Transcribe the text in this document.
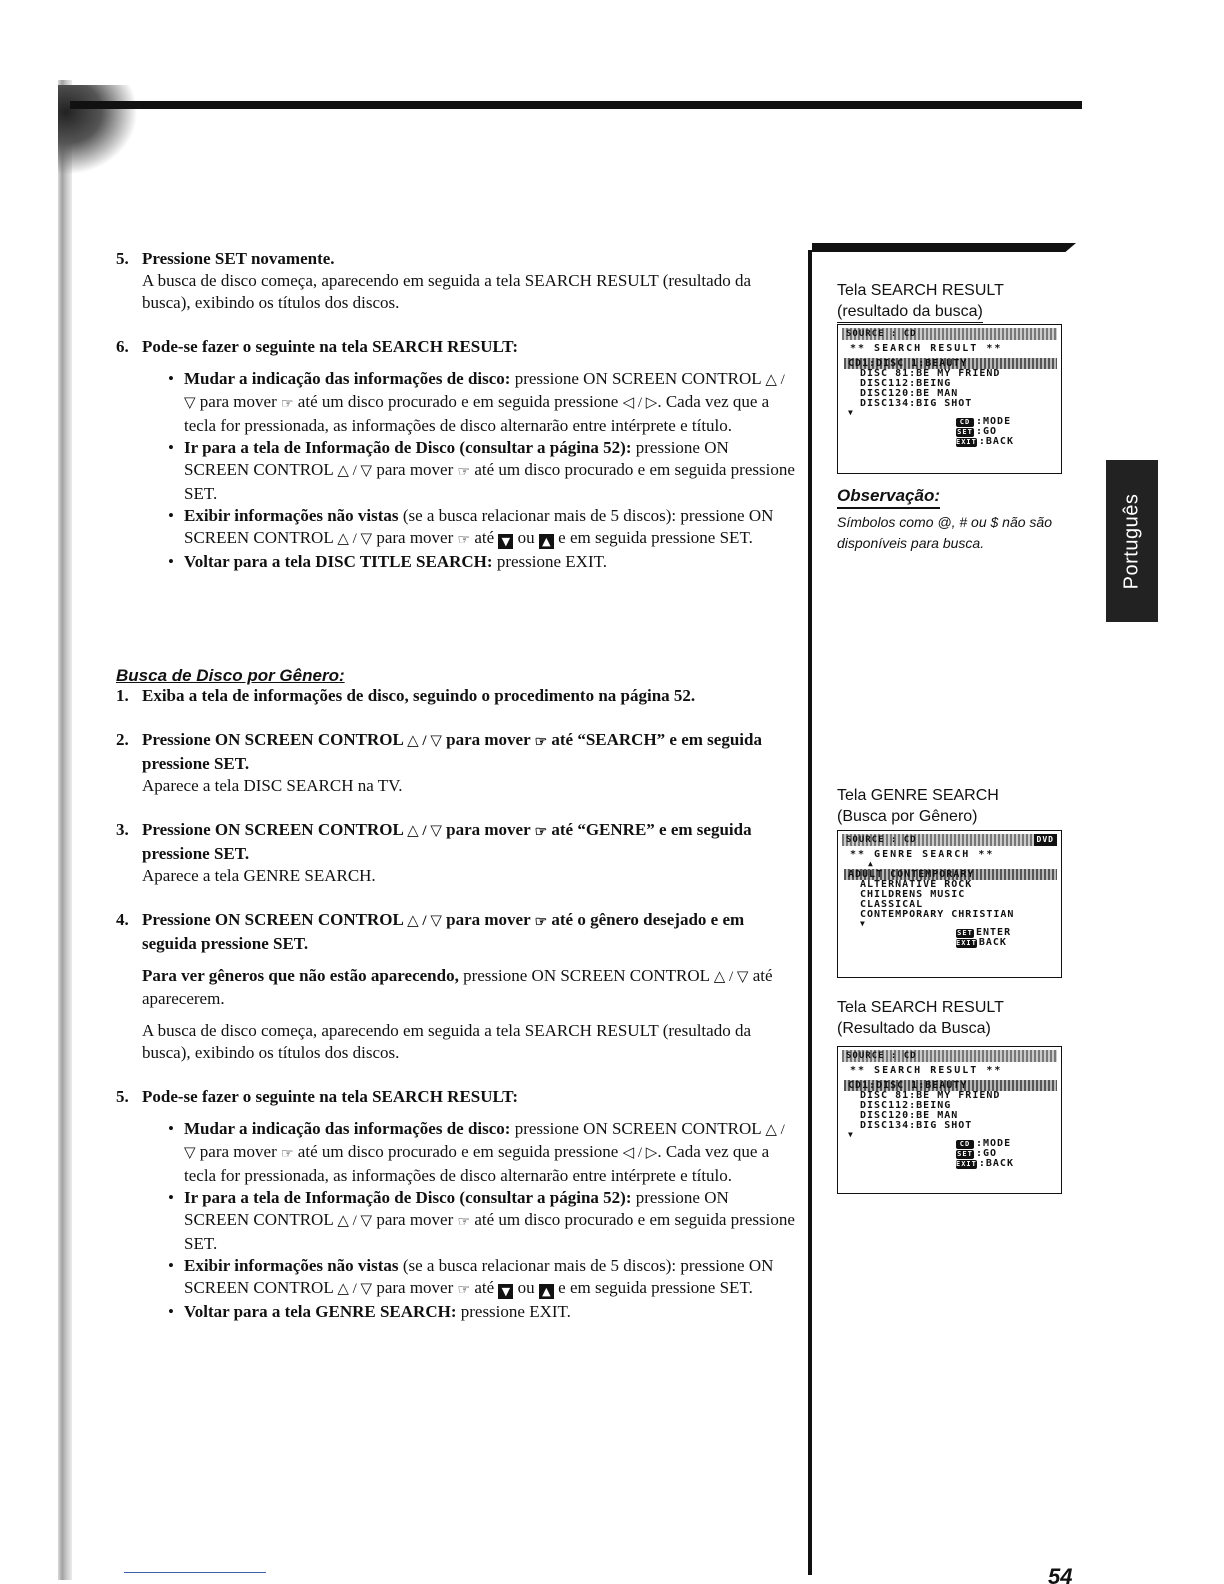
5. Pressione SET novamente.
A busca de disco começa, aparecendo em seguida a tela SEARCH RESULT (resultado da busca), exibindo os títulos dos discos.
6. Pode-se fazer o seguinte na tela SEARCH RESULT:
• Mudar a indicação das informações de disco: pressione ON SCREEN CONTROL △ / ▽ para mover ☞ até um disco procurado e em seguida pressione ◁ / ▷. Cada vez que a tecla for pressionada, as informações de disco alternarão entre intérprete e título.
• Ir para a tela de Informação de Disco (consultar a página 52): pressione ON SCREEN CONTROL △ / ▽ para mover ☞ até um disco procurado e em seguida pressione SET.
• Exibir informações não vistas (se a busca relacionar mais de 5 discos): pressione ON SCREEN CONTROL △ / ▽ para mover ☞ até ▼ ou ▲ e em seguida pressione SET.
• Voltar para a tela DISC TITLE SEARCH: pressione EXIT.
1. Exiba a tela de informações de disco, seguindo o procedimento na página 52.
2. Pressione ON SCREEN CONTROL △ / ▽ para mover ☞ até “SEARCH” e em seguida pressione SET.
Aparece a tela DISC SEARCH na TV.
3. Pressione ON SCREEN CONTROL △ / ▽ para mover ☞ até “GENRE” e em seguida pressione SET.
Aparece a tela GENRE SEARCH.
4. Pressione ON SCREEN CONTROL △ / ▽ para mover ☞ até o gênero desejado e em seguida pressione SET.
Para ver gêneros que não estão aparecendo, pressione ON SCREEN CONTROL △ / ▽ até aparecerem.
A busca de disco começa, aparecendo em seguida a tela SEARCH RESULT (resultado da busca), exibindo os títulos dos discos.
5. Pode-se fazer o seguinte na tela SEARCH RESULT:
• Mudar a indicação das informações de disco: pressione ON SCREEN CONTROL △ / ▽ para mover ☞ até um disco procurado e em seguida pressione ◁ / ▷. Cada vez que a tecla for pressionada, as informações de disco alternarão entre intérprete e título.
• Ir para a tela de Informação de Disco (consultar a página 52): pressione ON SCREEN CONTROL △ / ▽ para mover ☞ até um disco procurado e em seguida pressione SET.
• Exibir informações não vistas (se a busca relacionar mais de 5 discos): pressione ON SCREEN CONTROL △ / ▽ para mover ☞ até ▼ ou ▲ e em seguida pressione SET.
• Voltar para a tela GENRE SEARCH: pressione EXIT.
Busca de Disco por Gênero:
Tela SEARCH RESULT
(resultado da busca)
SOURCE : CD
** SEARCH RESULT **
CD1:DISC 1:BEAUTY
DISC 81:BE MY FRIEND
DISC112:BEING
DISC120:BE MAN
DISC134:BIG SHOT
▼
CD :MODE
SET :GO
EXIT :BACK
Observação:
Símbolos como @, # ou $ não são disponíveis para busca.
Tela GENRE SEARCH
(Busca por Gênero)
SOURCE : CD	DVD
** GENRE SEARCH **
▲
ADULT CONTEMPORARY
ALTERNATIVE ROCK
CHILDRENS MUSIC
CLASSICAL
CONTEMPORARY CHRISTIAN
▼
SET ENTER
EXIT BACK
Tela SEARCH RESULT
(Resultado da Busca)
SOURCE : CD
** SEARCH RESULT **
CD1:DISC 1:BEAUTY
DISC 81:BE MY FRIEND
DISC112:BEING
DISC120:BE MAN
DISC134:BIG SHOT
▼
CD :MODE
SET :GO
EXIT :BACK
Português
54
